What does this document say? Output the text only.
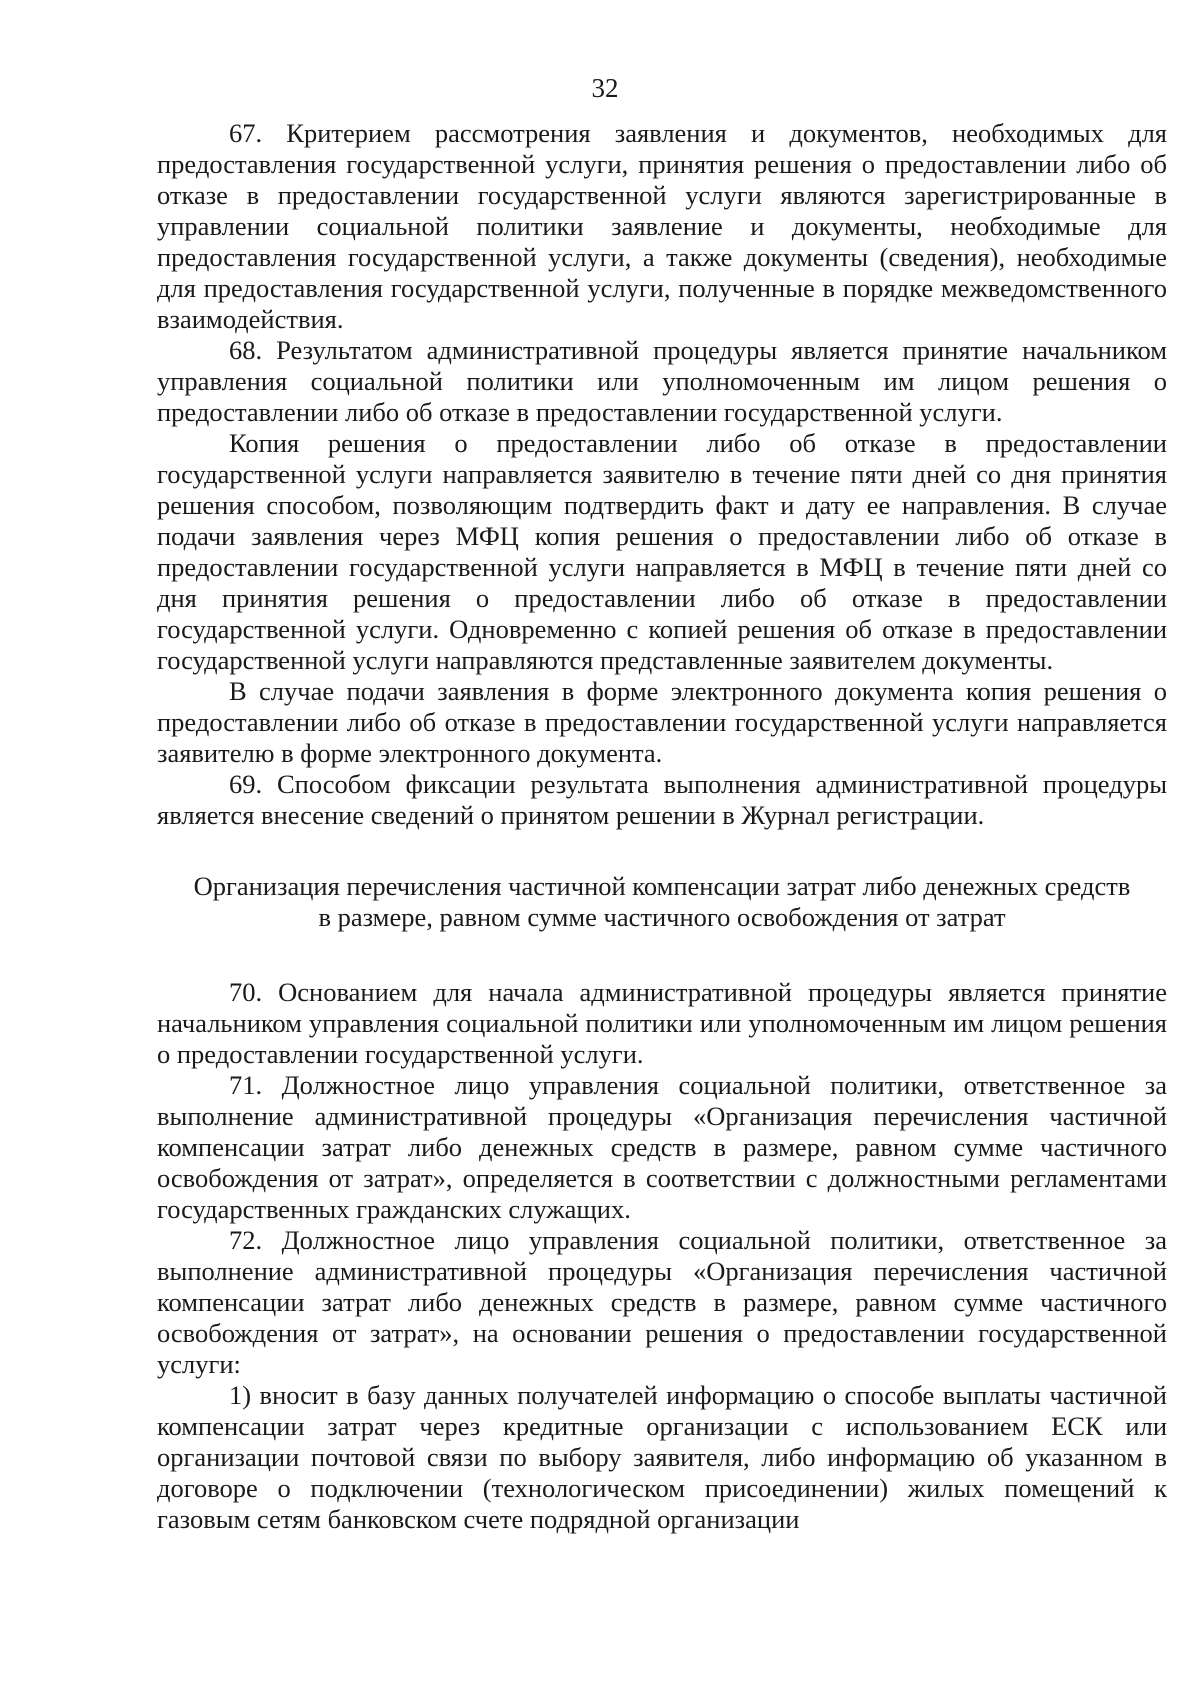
32

67. Критерием рассмотрения заявления и документов, необходимых для предоставления государственной услуги, принятия решения о предоставлении либо об отказе в предоставлении государственной услуги являются зарегистрированные в управлении социальной политики заявление и документы, необходимые для предоставления государственной услуги, а также документы (сведения), необходимые для предоставления государственной услуги, полученные в порядке межведомственного взаимодействия.

68. Результатом административной процедуры является принятие начальником управления социальной политики или уполномоченным им лицом решения о предоставлении либо об отказе в предоставлении государственной услуги.

Копия решения о предоставлении либо об отказе в предоставлении государственной услуги направляется заявителю в течение пяти дней со дня принятия решения способом, позволяющим подтвердить факт и дату ее направления. В случае подачи заявления через МФЦ копия решения о предоставлении либо об отказе в предоставлении государственной услуги направляется в МФЦ в течение пяти дней со дня принятия решения о предоставлении либо об отказе в предоставлении государственной услуги. Одновременно с копией решения об отказе в предоставлении государственной услуги направляются представленные заявителем документы.

В случае подачи заявления в форме электронного документа копия решения о предоставлении либо об отказе в предоставлении государственной услуги направляется заявителю в форме электронного документа.

69. Способом фиксации результата выполнения административной процедуры является внесение сведений о принятом решении в Журнал регистрации.

Организация перечисления частичной компенсации затрат либо денежных средств
в размере, равном сумме частичного освобождения от затрат

70. Основанием для начала административной процедуры является принятие начальником управления социальной политики или уполномоченным им лицом решения о предоставлении государственной услуги.

71. Должностное лицо управления социальной политики, ответственное за выполнение административной процедуры «Организация перечисления частичной компенсации затрат либо денежных средств в размере, равном сумме частичного освобождения от затрат», определяется в соответствии с должностными регламентами государственных гражданских служащих.

72. Должностное лицо управления социальной политики, ответственное за выполнение административной процедуры «Организация перечисления частичной компенсации затрат либо денежных средств в размере, равном сумме частичного освобождения от затрат», на основании решения о предоставлении государственной услуги:

1) вносит в базу данных получателей информацию о способе выплаты частичной компенсации затрат через кредитные организации с использованием ЕСК или организации почтовой связи по выбору заявителя, либо информацию об указанном в договоре о подключении (технологическом присоединении) жилых помещений к газовым сетям банковском счете подрядной организации
